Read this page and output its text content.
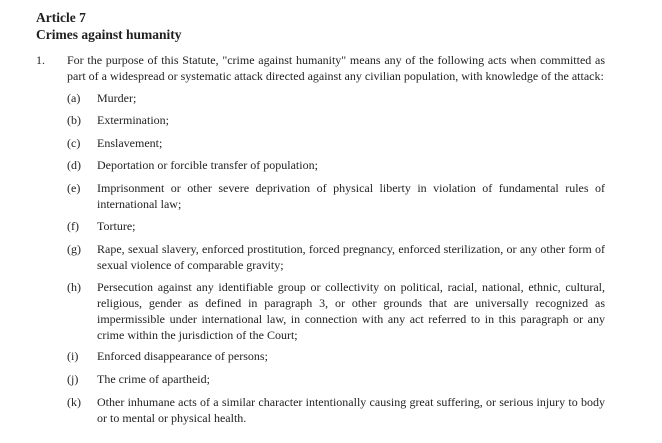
Article 7
Crimes against humanity
1. For the purpose of this Statute, "crime against humanity" means any of the following acts when committed as part of a widespread or systematic attack directed against any civilian population, with knowledge of the attack:
(a)	Murder;
(b)	Extermination;
(c)	Enslavement;
(d)	Deportation or forcible transfer of population;
(e)	Imprisonment or other severe deprivation of physical liberty in violation of fundamental rules of international law;
(f)	Torture;
(g)	Rape, sexual slavery, enforced prostitution, forced pregnancy, enforced sterilization, or any other form of sexual violence of comparable gravity;
(h)	Persecution against any identifiable group or collectivity on political, racial, national, ethnic, cultural, religious, gender as defined in paragraph 3, or other grounds that are universally recognized as impermissible under international law, in connection with any act referred to in this paragraph or any crime within the jurisdiction of the Court;
(i)	Enforced disappearance of persons;
(j)	The crime of apartheid;
(k)	Other inhumane acts of a similar character intentionally causing great suffering, or serious injury to body or to mental or physical health.
